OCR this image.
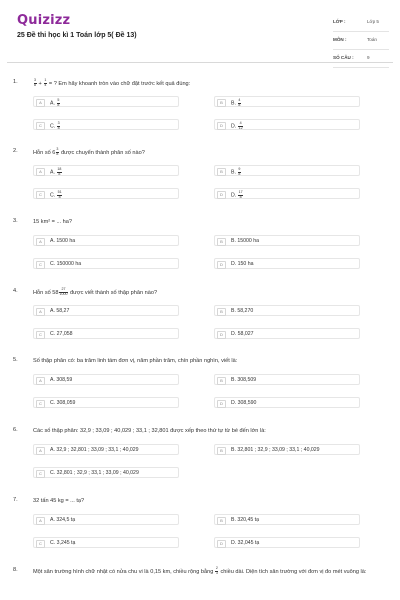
Quizizz
25 Đề thi học kì 1 Toán lớp 5( Đề 13)
LỚP :	Lớp 5
MÔN :	Toán
SỐ CÂU :	9
1.	$\frac{3}{8} + \frac{1}{4}$ = ? Em hãy khoanh tròn vào chữ đặt trước kết quả đúng:
A	A. $\frac{5}{8}$	B	B. $\frac{4}{8}$
C	C. $\frac{3}{8}$	D	D. $\frac{4}{12}$
2.	Hỗn số $6 \frac{3}{8}$ được chuyển thành phân số nào?
A	A. $\frac{18}{8}$	B	B. $\frac{9}{8}$
C	C. $\frac{51}{8}$	D	D. $\frac{17}{8}$
3.	15 km² = ... ha?
A	A. 1500 ha	B	B. 15000 ha
C	C. 150000 ha	D	D. 150 ha
4.	Hỗn số $58 \frac{27}{1000}$ được viết thành số thập phân nào?
A	A. 58,27	B	B. 58,270
C	C. 27,058	D	D. 58,027
5.	Số thập phân có: ba trăm linh tám đơn vị, năm phần trăm, chín phần nghìn, viết là:
A	A. 308,59	B	B. 308,509
C	C. 308,059	D	D. 308,590
6.	Các số thập phân: 32,9 ; 33,09 ; 40,029 ; 33,1 ; 32,801 được xếp theo thứ tự từ bé đến lớn là:
A	A. 32,9 ; 32,801 ; 33,09 ; 33,1 ; 40,029	B	B. 32,801 ; 32,9 ; 33,09 ; 33,1 ; 40,029
C	C. 32,801 ; 32,9 ; 33,1 ; 33,09 ; 40,029
7.	32 tấn 45 kg = ... tạ?
A	A. 324,5 tạ	B	B. 320,45 tạ
C	C. 3,245 tạ	D	D. 32,045 tạ
8.	Một sân trường hình chữ nhật có nửa chu vi là 0,15 km, chiều rộng bằng $\frac{2}{3}$ chiều dài. Diện tích sân trường với đơn vị đo mét vuông là:
